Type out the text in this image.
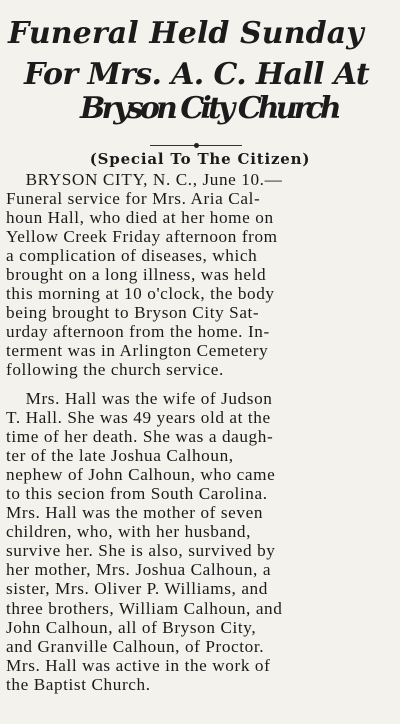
Funeral Held Sunday
For Mrs. A. C. Hall At
Bryson City Church
(Special To The Citizen)
BRYSON CITY, N. C., June 10.—
Funeral service for Mrs. Aria Cal-
houn Hall, who died at her home on
Yellow Creek Friday afternoon from
a complication of diseases, which
brought on a long illness, was held
this morning at 10 o'clock, the body
being brought to Bryson City Sat-
urday afternoon from the home. In-
terment was in Arlington Cemetery
following the church service.
Mrs. Hall was the wife of Judson
T. Hall. She was 49 years old at the
time of her death. She was a daugh-
ter of the late Joshua Calhoun,
nephew of John Calhoun, who came
to this secion from South Carolina.
Mrs. Hall was the mother of seven
children, who, with her husband,
survive her. She is also, survived by
her mother, Mrs. Joshua Calhoun, a
sister, Mrs. Oliver P. Williams, and
three brothers, William Calhoun, and
John Calhoun, all of Bryson City,
and Granville Calhoun, of Proctor.
Mrs. Hall was active in the work of
the Baptist Church.
